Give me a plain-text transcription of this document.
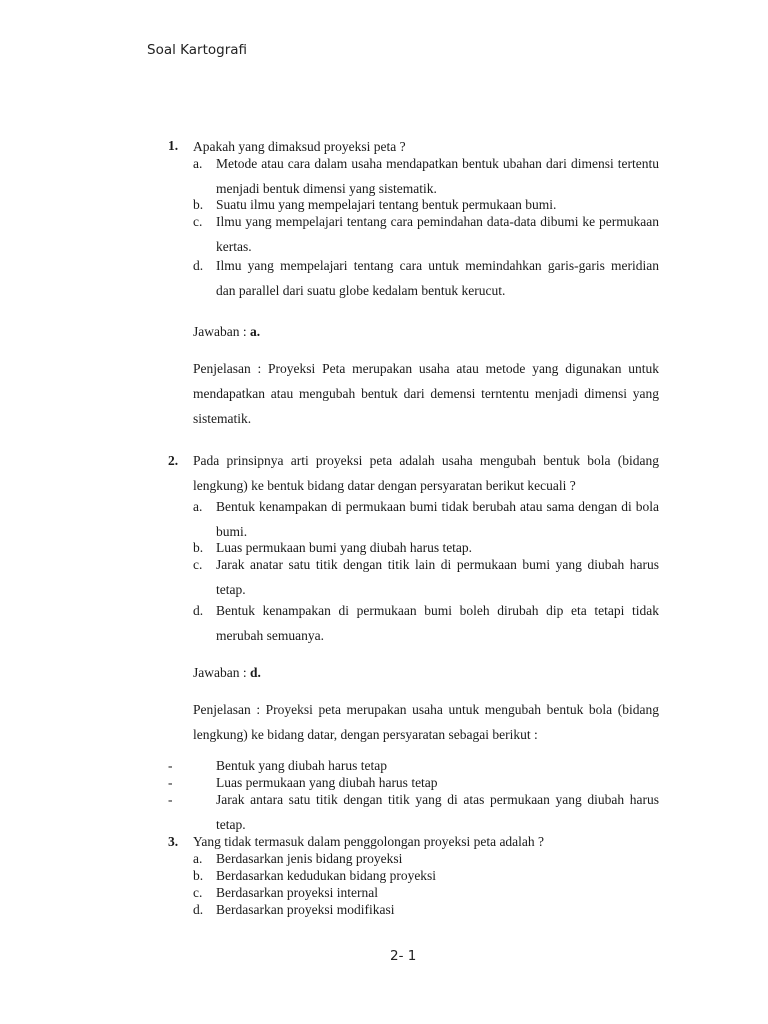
Soal Kartografi
1.	Apakah yang dimaksud proyeksi peta ?
a.	Metode atau cara dalam usaha mendapatkan bentuk ubahan dari dimensi tertentu menjadi bentuk dimensi yang sistematik.
b. Suatu ilmu yang mempelajari tentang bentuk permukaan bumi.
c.	Ilmu yang mempelajari tentang cara pemindahan data-data dibumi ke permukaan kertas.
d. Ilmu yang mempelajari tentang cara untuk memindahkan garis-garis meridian dan parallel dari suatu globe kedalam bentuk kerucut.
Jawaban : a.
Penjelasan : Proyeksi Peta merupakan usaha atau metode yang digunakan untuk mendapatkan atau mengubah bentuk dari demensi terntentu menjadi dimensi yang sistematik.
2.	Pada prinsipnya arti proyeksi peta adalah usaha mengubah bentuk bola (bidang lengkung) ke bentuk bidang datar dengan persyaratan berikut kecuali ?
a.	Bentuk kenampakan di permukaan bumi tidak berubah atau sama dengan di bola bumi.
b. Luas permukaan bumi yang diubah harus tetap.
c.	Jarak anatar satu titik dengan titik lain di permukaan bumi yang diubah harus tetap.
d. Bentuk kenampakan di permukaan bumi boleh dirubah dip eta tetapi tidak merubah semuanya.
Jawaban : d.
Penjelasan : Proyeksi peta merupakan usaha untuk mengubah bentuk bola (bidang lengkung) ke bidang datar, dengan persyaratan sebagai berikut :
-	Bentuk yang diubah harus tetap
-	Luas permukaan yang diubah harus tetap
-	Jarak antara satu titik dengan titik yang di atas permukaan yang diubah harus tetap.
3.	Yang tidak termasuk dalam penggolongan proyeksi peta adalah ?
a.	Berdasarkan jenis bidang proyeksi
b. Berdasarkan kedudukan bidang proyeksi
c.	Berdasarkan proyeksi internal
d. Berdasarkan proyeksi modifikasi
2- 1
